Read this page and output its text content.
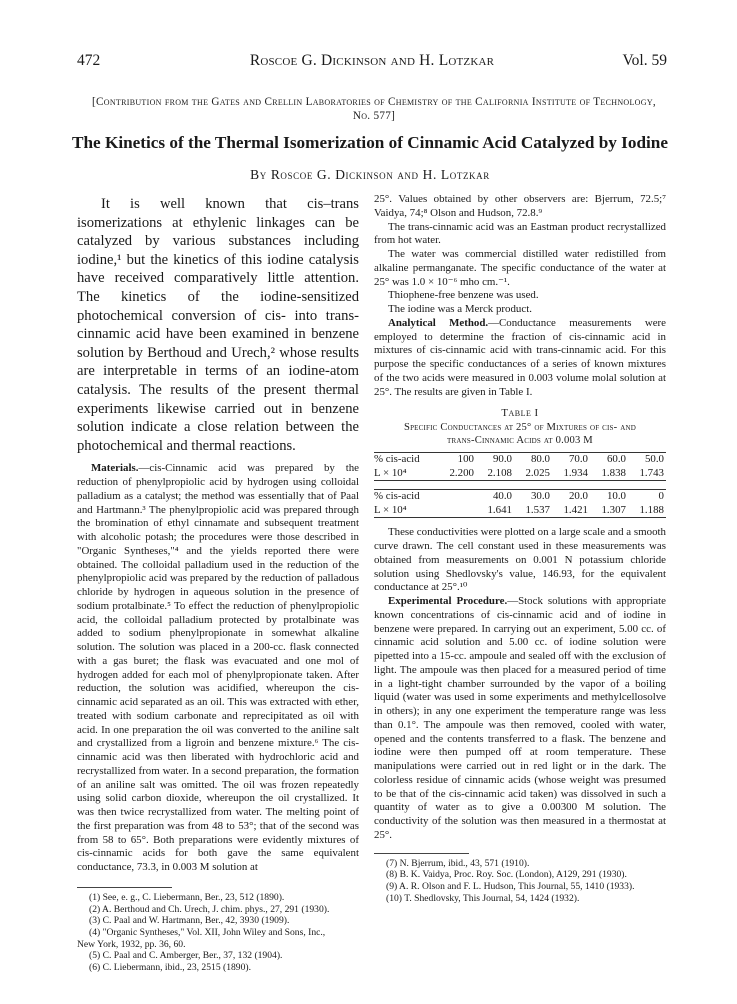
472	Roscoe G. Dickinson and H. Lotzkar	Vol. 59
[Contribution from the Gates and Crellin Laboratories of Chemistry of the California Institute of Technology, No. 577]
The Kinetics of the Thermal Isomerization of Cinnamic Acid Catalyzed by Iodine
By Roscoe G. Dickinson and H. Lotzkar

It is well known that cis–trans isomerizations at ethylenic linkages can be catalyzed by various substances including iodine,¹ but the kinetics of this iodine catalysis have received comparatively little attention. The kinetics of the iodine-sensitized photochemical conversion of cis- into trans-cinnamic acid have been examined in benzene solution by Berthoud and Urech,² whose results are interpretable in terms of an iodine-atom catalysis. The results of the present thermal experiments likewise carried out in benzene solution indicate a close relation between the photochemical and thermal reactions.

Materials.—cis-Cinnamic acid was prepared by the reduction of phenylpropiolic acid by hydrogen using colloidal palladium as a catalyst; the method was essentially that of Paal and Hartmann.³ The phenylpropiolic acid was prepared through the bromination of ethyl cinnamate and subsequent treatment with alcoholic potash; the procedures were those described in "Organic Syntheses,"⁴ and the yields reported there were obtained. The colloidal palladium used in the reduction of the phenylpropiolic acid was prepared by the reduction of palladous chloride by hydrogen in aqueous solution in the presence of sodium protalbinate.⁵ To effect the reduction of phenylpropiolic acid, the colloidal palladium protected by protalbinate was added to sodium phenylpropionate in somewhat alkaline solution. The solution was placed in a 200-cc. flask connected with a gas buret; the flask was evacuated and one mol of hydrogen added for each mol of phenylpropionate taken. After reduction, the solution was acidified, whereupon the cis-cinnamic acid separated as an oil. This was extracted with ether, treated with sodium carbonate and reprecipitated as oil with acid. In one preparation the oil was converted to the aniline salt and crystallized from a ligroin and benzene mixture.⁶ The cis-cinnamic acid was then liberated with hydrochloric acid and recrystallized from water. In a second preparation, the formation of an aniline salt was omitted. The oil was frozen repeatedly using solid carbon dioxide, whereupon the oil crystallized. It was then twice recrystallized from water. The melting point of the first preparation was from 48 to 53°; that of the second was from 58 to 65°. Both preparations were evidently mixtures of cis-cinnamic acids for both gave the same equivalent conductance, 73.3, in 0.003 M solution at

(1) See, e. g., C. Liebermann, Ber., 23, 512 (1890).

(2) A. Berthoud and Ch. Urech, J. chim. phys., 27, 291 (1930).

(3) C. Paal and W. Hartmann, Ber., 42, 3930 (1909).

(4) "Organic Syntheses," Vol. XII, John Wiley and Sons, Inc.,

New York, 1932, pp. 36, 60.

(5) C. Paal and C. Amberger, Ber., 37, 132 (1904).

(6) C. Liebermann, ibid., 23, 2515 (1890).

25°. Values obtained by other observers are: Bjerrum, 72.5;⁷ Vaidya, 74;⁸ Olson and Hudson, 72.8.⁹

The trans-cinnamic acid was an Eastman product recrystallized from hot water.

The water was commercial distilled water redistilled from alkaline permanganate. The specific conductance of the water at 25° was 1.0 × 10⁻⁶ mho cm.⁻¹.

Thiophene-free benzene was used.

The iodine was a Merck product.

Analytical Method.—Conductance measurements were employed to determine the fraction of cis-cinnamic acid in mixtures of cis-cinnamic acid with trans-cinnamic acid. For this purpose the specific conductances of a series of known mixtures of the two acids were measured in 0.003 volume molal solution at 25°. The results are given in Table I.

Table I
Specific Conductances at 25° of Mixtures of cis- and
trans-Cinnamic Acids at 0.003 M
% cis-acid	100	90.0	80.0	70.0	60.0	50.0
L × 10⁴	2.200	2.108	2.025	1.934	1.838	1.743

% cis-acid		40.0	30.0	20.0	10.0	0
L × 10⁴		1.641	1.537	1.421	1.307	1.188

These conductivities were plotted on a large scale and a smooth curve drawn. The cell constant used in these measurements was obtained from measurements on 0.001 N potassium chloride solution using Shedlovsky's value, 146.93, for the equivalent conductance at 25°.¹⁰

Experimental Procedure.—Stock solutions with appropriate known concentrations of cis-cinnamic acid and of iodine in benzene were prepared. In carrying out an experiment, 5.00 cc. of cinnamic acid solution and 5.00 cc. of iodine solution were pipetted into a 15-cc. ampoule and sealed off with the exclusion of light. The ampoule was then placed for a measured period of time in a light-tight chamber surrounded by the vapor of a boiling liquid (water was used in some experiments and methylcellosolve in others); in any one experiment the temperature range was less than 0.1°. The ampoule was then removed, cooled with water, opened and the contents transferred to a flask. The benzene and iodine were then pumped off at room temperature. These manipulations were carried out in red light or in the dark. The colorless residue of cinnamic acids (whose weight was presumed to be that of the cis-cinnamic acid taken) was dissolved in such a quantity of water as to give a 0.00300 M solution. The conductivity of the solution was then measured in a thermostat at 25°.

(7) N. Bjerrum, ibid., 43, 571 (1910).

(8) B. K. Vaidya, Proc. Roy. Soc. (London), A129, 291 (1930).

(9) A. R. Olson and F. L. Hudson, This Journal, 55, 1410 (1933).

(10) T. Shedlovsky, This Journal, 54, 1424 (1932).
